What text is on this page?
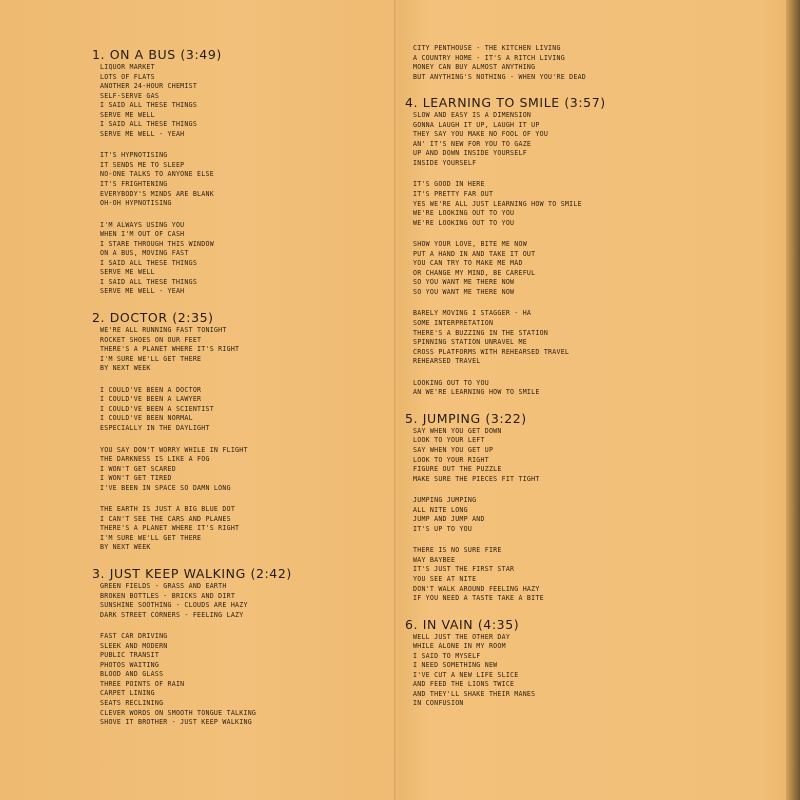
1. ON A BUS (3:49)
LIQUOR MARKET
LOTS OF FLATS
ANOTHER 24-HOUR CHEMIST
SELF-SERVE GAS
I SAID ALL THESE THINGS
SERVE ME WELL
I SAID ALL THESE THINGS
SERVE ME WELL - YEAH
IT'S HYPNOTISING
IT SENDS ME TO SLEEP
NO-ONE TALKS TO ANYONE ELSE
IT'S FRIGHTENING
EVERYBODY'S MINDS ARE BLANK
OH-OH HYPNOTISING
I'M ALWAYS USING YOU
WHEN I'M OUT OF CASH
I STARE THROUGH THIS WINDOW
ON A BUS, MOVING FAST
I SAID ALL THESE THINGS
SERVE ME WELL
I SAID ALL THESE THINGS
SERVE ME WELL - YEAH
2. DOCTOR (2:35)
WE'RE ALL RUNNING FAST TONIGHT
ROCKET SHOES ON OUR FEET
THERE'S A PLANET WHERE IT'S RIGHT
I'M SURE WE'LL GET THERE
BY NEXT WEEK
I COULD'VE BEEN A DOCTOR
I COULD'VE BEEN A LAWYER
I COULD'VE BEEN A SCIENTIST
I COULD'VE BEEN NORMAL
ESPECIALLY IN THE DAYLIGHT
YOU SAY DON'T WORRY WHILE IN FLIGHT
THE DARKNESS IS LIKE A FOG
I WON'T GET SCARED
I WON'T GET TIRED
I'VE BEEN IN SPACE SO DAMN LONG
THE EARTH IS JUST A BIG BLUE DOT
I CAN'T SEE THE CARS AND PLANES
THERE'S A PLANET WHERE IT'S RIGHT
I'M SURE WE'LL GET THERE
BY NEXT WEEK
3. JUST KEEP WALKING (2:42)
GREEN FIELDS - GRASS AND EARTH
BROKEN BOTTLES - BRICKS AND DIRT
SUNSHINE SOOTHING - CLOUDS ARE HAZY
DARK STREET CORNERS - FEELING LAZY
FAST CAR DRIVING
SLEEK AND MODERN
PUBLIC TRANSIT
PHOTOS WAITING
BLOOD AND GLASS
THREE POINTS OF RAIN
CARPET LINING
SEATS RECLINING
CLEVER WORDS ON SMOOTH TONGUE TALKING
SHOVE IT BROTHER - JUST KEEP WALKING
CITY PENTHOUSE - THE KITCHEN LIVING
A COUNTRY HOME - IT'S A RITCH LIVING
MONEY CAN BUY ALMOST ANYTHING
BUT ANYTHING'S NOTHING - WHEN YOU'RE DEAD
4. LEARNING TO SMILE (3:57)
SLOW AND EASY IS A DIMENSION
GONNA LAUGH IT UP, LAUGH IT UP
THEY SAY YOU MAKE NO FOOL OF YOU
AN' IT'S NEW FOR YOU TO GAZE
UP AND DOWN INSIDE YOURSELF
INSIDE YOURSELF
IT'S GOOD IN HERE
IT'S PRETTY FAR OUT
YES WE'RE ALL JUST LEARNING HOW TO SMILE
WE'RE LOOKING OUT TO YOU
WE'RE LOOKING OUT TO YOU
SHOW YOUR LOVE, BITE ME NOW
PUT A HAND IN AND TAKE IT OUT
YOU CAN TRY TO MAKE ME MAD
OR CHANGE MY MIND, BE CAREFUL
SO YOU WANT ME THERE NOW
SO YOU WANT ME THERE NOW
BARELY MOVING I STAGGER - HA
SOME INTERPRETATION
THERE'S A BUZZING IN THE STATION
SPINNING STATION UNRAVEL ME
CROSS PLATFORMS WITH REHEARSED TRAVEL
REHEARSED TRAVEL
LOOKING OUT TO YOU
AN WE'RE LEARNING HOW TO SMILE
5. JUMPING (3:22)
SAY WHEN YOU GET DOWN
LOOK TO YOUR LEFT
SAY WHEN YOU GET UP
LOOK TO YOUR RIGHT
FIGURE OUT THE PUZZLE
MAKE SURE THE PIECES FIT TIGHT
JUMPING JUMPING
ALL NITE LONG
JUMP AND JUMP AND
IT'S UP TO YOU
THERE IS NO SURE FIRE
WAY BAYBEE
IT'S JUST THE FIRST STAR
YOU SEE AT NITE
DON'T WALK AROUND FEELING HAZY
IF YOU NEED A TASTE TAKE A BITE
6. IN VAIN (4:35)
WELL JUST THE OTHER DAY
WHILE ALONE IN MY ROOM
I SAID TO MYSELF
I NEED SOMETHING NEW
I'VE CUT A NEW LIFE SLICE
AND FEED THE LIONS TWICE
AND THEY'LL SHAKE THEIR MANES
IN CONFUSION
